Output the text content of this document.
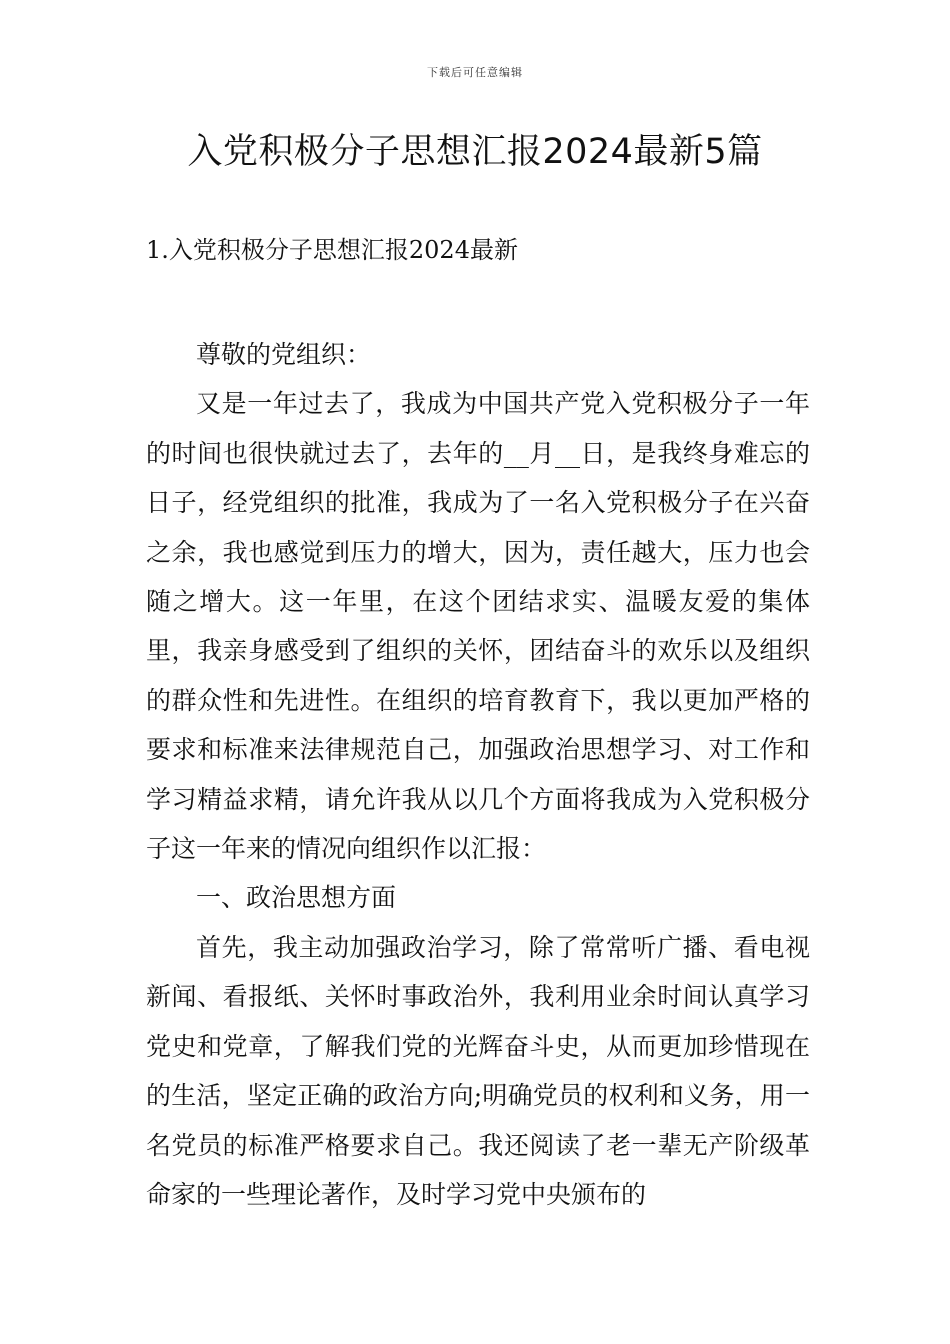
下载后可任意编辑
入党积极分子思想汇报2024最新5篇
1.入党积极分子思想汇报2024最新

尊敬的党组织：

又是一年过去了，我成为中国共产党入党积极分子一年的时间也很快就过去了，去年的__月__日，是我终身难忘的日子，经党组织的批准，我成为了一名入党积极分子在兴奋之余，我也感觉到压力的增大，因为，责任越大，压力也会随之增大。这一年里，在这个团结求实、温暖友爱的集体里，我亲身感受到了组织的关怀，团结奋斗的欢乐以及组织的群众性和先进性。在组织的培育教育下，我以更加严格的要求和标准来法律规范自己，加强政治思想学习、对工作和学习精益求精，请允许我从以几个方面将我成为入党积极分子这一年来的情况向组织作以汇报：

一、政治思想方面

首先，我主动加强政治学习，除了常常听广播、看电视新闻、看报纸、关怀时事政治外，我利用业余时间认真学习党史和党章，了解我们党的光辉奋斗史，从而更加珍惜现在的生活，坚定正确的政治方向;明确党员的权利和义务，用一名党员的标准严格要求自己。我还阅读了老一辈无产阶级革命家的一些理论著作，及时学习党中央颁布的
